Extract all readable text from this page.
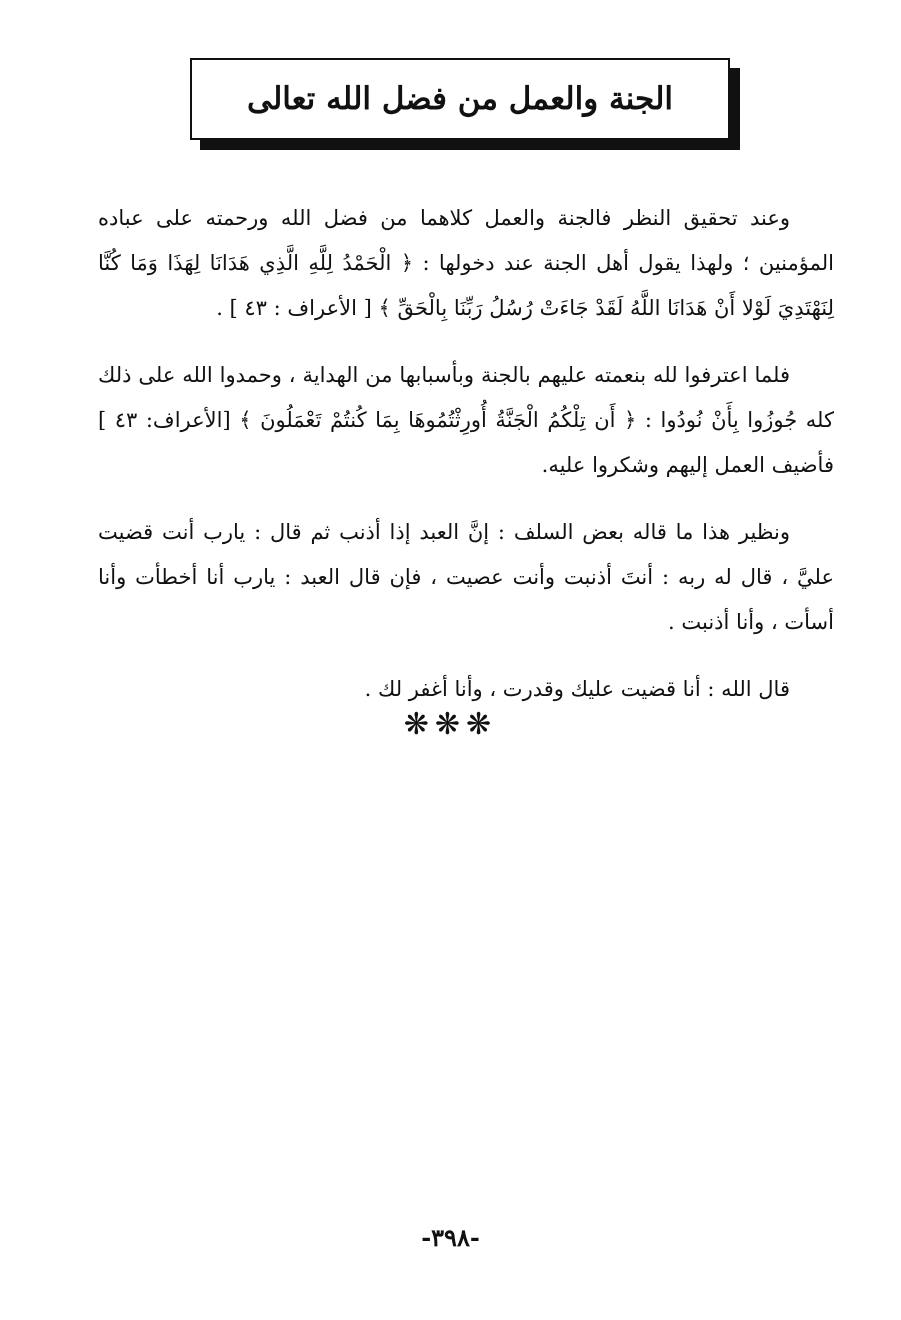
الجنة والعمل من فضل الله تعالى

وعند تحقيق النظر فالجنة والعمل كلاهما من فضل الله ورحمته على عباده المؤمنين ؛ ولهذا يقول أهل الجنة عند دخولها : ﴿ الْحَمْدُ لِلَّهِ الَّذِي هَدَانَا لِهَذَا وَمَا كُنَّا لِنَهْتَدِيَ لَوْلا أَنْ هَدَانَا اللَّهُ لَقَدْ جَاءَتْ رُسُلُ رَبِّنَا بِالْحَقِّ ﴾ [ الأعراف : ٤٣ ] .

فلما اعترفوا لله بنعمته عليهم بالجنة وبأسبابها من الهداية ، وحمدوا الله على ذلك كله جُوزُوا بِأَنْ نُودُوا : ﴿ أَن تِلْكُمُ الْجَنَّةُ أُورِثْتُمُوهَا بِمَا كُنتُمْ تَعْمَلُونَ ﴾ [الأعراف: ٤٣ ] فأضيف العمل إليهم وشكروا عليه.

ونظير هذا ما قاله بعض السلف : إنَّ العبد إذا أذنب ثم قال : يارب أنت قضيت عليَّ ، قال له ربه : أنتَ أذنبت وأنت عصيت ، فإن قال العبد : يارب أنا أخطأت وأنا أسأت ، وأنا أذنبت .

قال الله : أنا قضيت عليك وقدرت ، وأنا أغفر لك .

❋❋❋
-٣٩٨-
